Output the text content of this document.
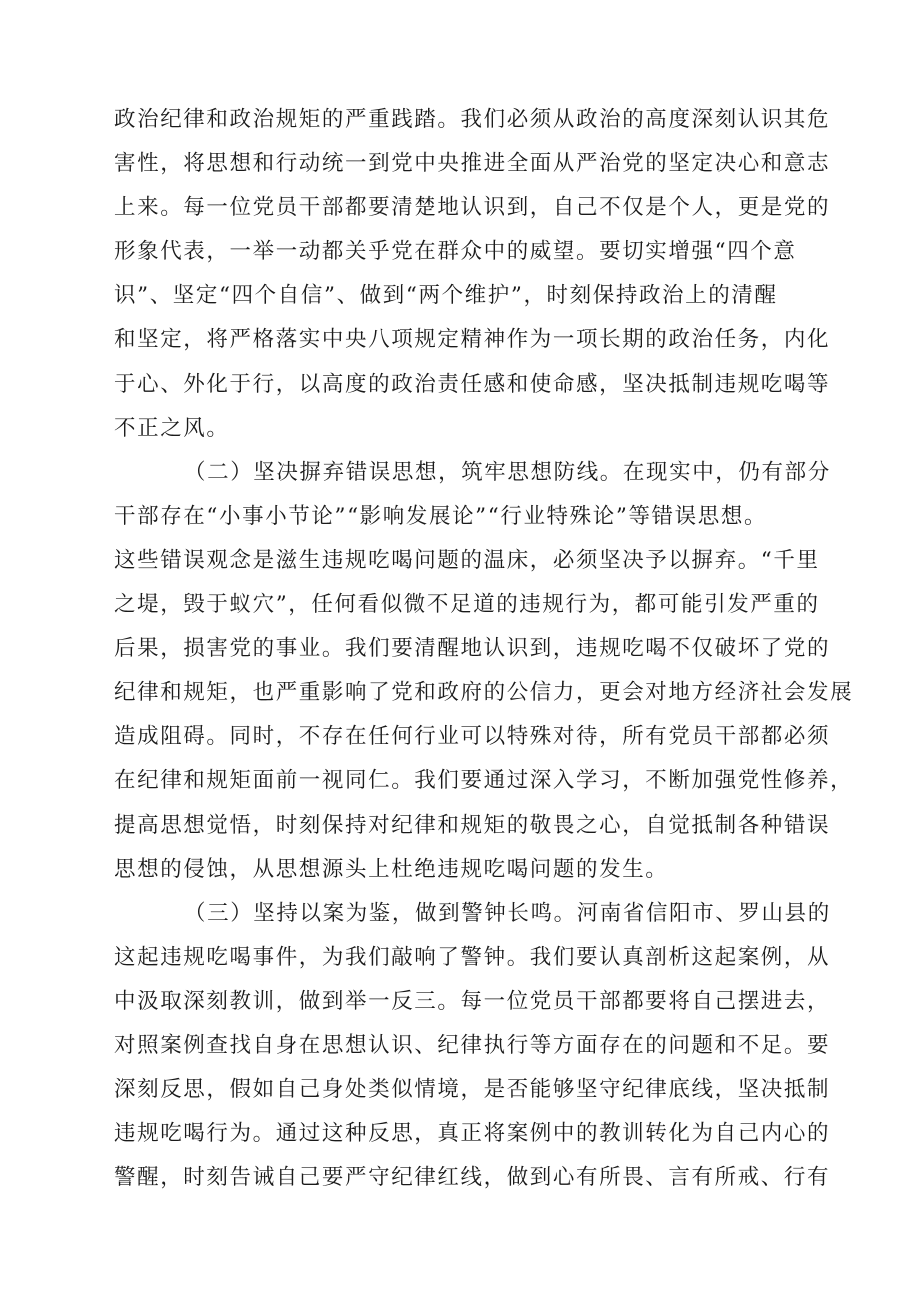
政治纪律和政治规矩的严重践踏。我们必须从政治的高度深刻认识其危
害性，将思想和行动统一到党中央推进全面从严治党的坚定决心和意志
上来。每一位党员干部都要清楚地认识到，自己不仅是个人，更是党的
形象代表，一举一动都关乎党在群众中的威望。要切实增强“四个意
识”、坚定“四个自信”、做到“两个维护”，时刻保持政治上的清醒
和坚定，将严格落实中央八项规定精神作为一项长期的政治任务，内化
于心、外化于行，以高度的政治责任感和使命感，坚决抵制违规吃喝等
不正之风。
（二）坚决摒弃错误思想，筑牢思想防线。在现实中，仍有部分
干部存在“小事小节论”“影响发展论”“行业特殊论”等错误思想。
这些错误观念是滋生违规吃喝问题的温床，必须坚决予以摒弃。“千里
之堤，毁于蚁穴”，任何看似微不足道的违规行为，都可能引发严重的
后果，损害党的事业。我们要清醒地认识到，违规吃喝不仅破坏了党的
纪律和规矩，也严重影响了党和政府的公信力，更会对地方经济社会发展
造成阻碍。同时，不存在任何行业可以特殊对待，所有党员干部都必须
在纪律和规矩面前一视同仁。我们要通过深入学习，不断加强党性修养，
提高思想觉悟，时刻保持对纪律和规矩的敬畏之心，自觉抵制各种错误
思想的侵蚀，从思想源头上杜绝违规吃喝问题的发生。
（三）坚持以案为鉴，做到警钟长鸣。河南省信阳市、罗山县的
这起违规吃喝事件，为我们敲响了警钟。我们要认真剖析这起案例，从
中汲取深刻教训，做到举一反三。每一位党员干部都要将自己摆进去，
对照案例查找自身在思想认识、纪律执行等方面存在的问题和不足。要
深刻反思，假如自己身处类似情境，是否能够坚守纪律底线，坚决抵制
违规吃喝行为。通过这种反思，真正将案例中的教训转化为自己内心的
警醒，时刻告诫自己要严守纪律红线，做到心有所畏、言有所戒、行有
